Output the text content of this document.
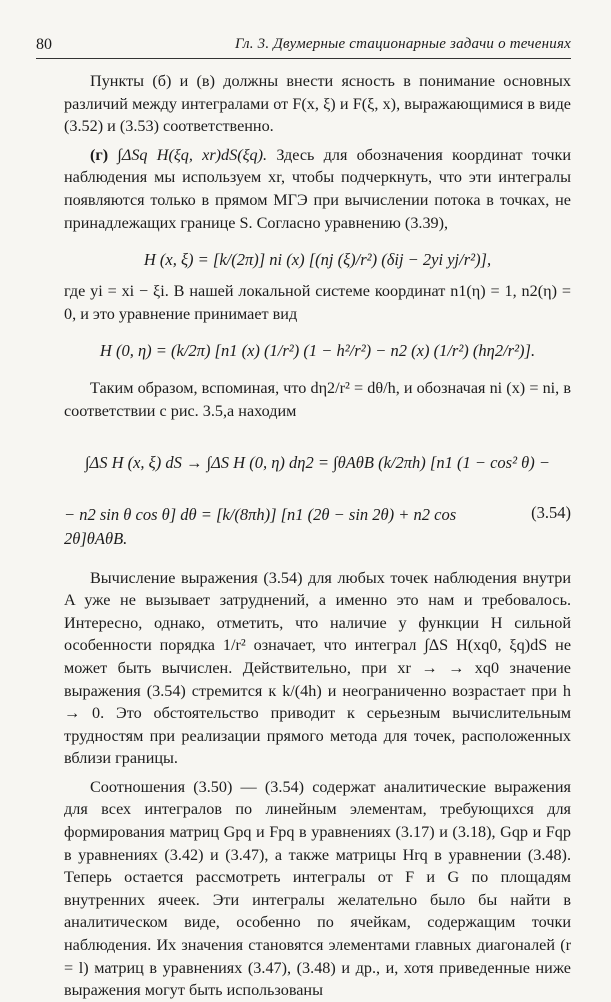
80	Гл. 3. Двумерные стационарные задачи о течениях

Пункты (б) и (в) должны внести ясность в понимание основных различий между интегралами от F(x, ξ) и F(ξ, x), выражающимися в виде (3.52) и (3.53) соответственно.

(г) ∫ΔSq H(ξq, xr)dS(ξq). Здесь для обозначения координат точки наблюдения мы используем xr, чтобы подчеркнуть, что эти интегралы появляются только в прямом МГЭ при вычислении потока в точках, не принадлежащих границе S. Согласно уравнению (3.39),

H (x, ξ) = [k/(2π)] ni (x) [(nj (ξ)/r²) (δij − 2yi yj/r²)],

где yi = xi − ξi. В нашей локальной системе координат n1(η) = 1, n2(η) = 0, и это уравнение принимает вид

H (0, η) = (k/2π) [n1 (x) (1/r²) (1 − h²/r²) − n2 (x) (1/r²) (hη2/r²)].

Таким образом, вспоминая, что dη2/r² = dθ/h, и обозначая ni (x) = ni, в соответствии с рис. 3.5,а находим

∫ΔS H (x, ξ) dS → ∫ΔS H (0, η) dη2 = ∫θAθB (k/2πh) [n1 (1 − cos² θ) −

− n2 sin θ cos θ] dθ = [k/(8πh)] [n1 (2θ − sin 2θ) + n2 cos 2θ]θAθB.

(3.54)

Вычисление выражения (3.54) для любых точек наблюдения внутри A уже не вызывает затруднений, а именно это нам и требовалось. Интересно, однако, отметить, что наличие у функции H сильной особенности порядка 1/r² означает, что интеграл ∫ΔS H(xq0, ξq)dS не может быть вычислен. Действительно, при xr → → xq0 значение выражения (3.54) стремится к k/(4h) и неограниченно возрастает при h → 0. Это обстоятельство приводит к серьезным вычислительным трудностям при реализации прямого метода для точек, расположенных вблизи границы.

Соотношения (3.50) — (3.54) содержат аналитические выражения для всех интегралов по линейным элементам, требующихся для формирования матриц Gpq и Fpq в уравнениях (3.17) и (3.18), Gqp и Fqp в уравнениях (3.42) и (3.47), а также матрицы Hrq в уравнении (3.48). Теперь остается рассмотреть интегралы от F и G по площадям внутренних ячеек. Эти интегралы желательно было бы найти в аналитическом виде, особенно по ячейкам, содержащим точки наблюдения. Их значения становятся элементами главных диагоналей (r = l) матриц в уравнениях (3.47), (3.48) и др., и, хотя приведенные ниже выражения могут быть использованы
